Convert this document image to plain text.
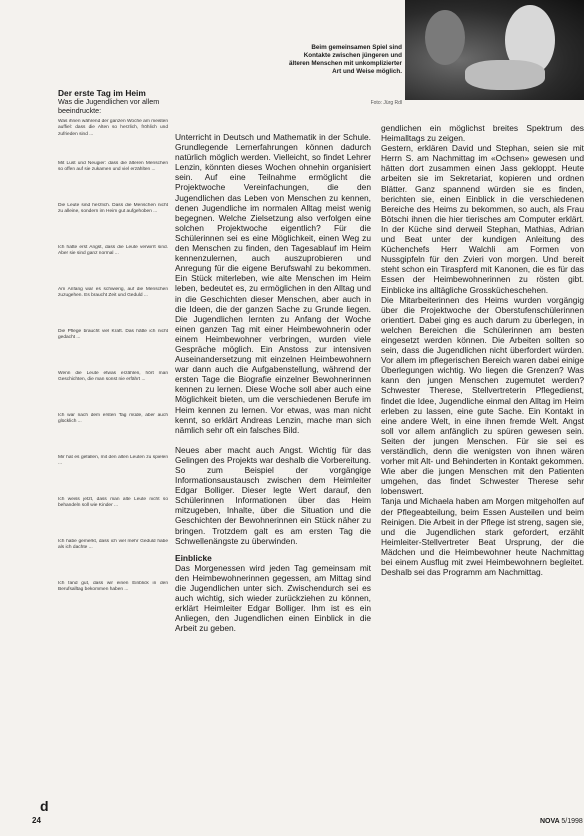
Beim gemeinsamen Spiel sind Kontakte zwischen jüngeren und älteren Menschen mit unkomplizierter Art und Weise möglich.
Foto: Jürg Rdl
Der erste Tag im Heim

Was die Jugendlichen vor allem beeindruckte:

Was ihnen während der ganzen Woche am meisten auffiel: dass die Alten so herzlich, fröhlich und zufrieden sind ...

Mit Lust und Neugier: dass die älteren Menschen so offen auf sie zukamen und viel erzählten ...

Die Leute sind herzlich. Dass die Menschen nicht zu alleine, sondern im Heim gut aufgehoben ...

Ich hatte erst Angst, dass die Leute verwirrt sind. Aber sie sind ganz normal ...

Am Anfang war es schwierig, auf die Menschen zuzugehen. Es braucht Zeit und Geduld ...

Die Pflege braucht viel Kraft. Das hätte ich nicht gedacht ...

Wenn die Leute etwas erzählen, hört man Geschichten, die man sonst nie erfährt ...

Ich war nach dem ersten Tag müde, aber auch glücklich ...

Mir hat es gefallen, mit den alten Leuten zu spielen ...

Ich weiss jetzt, dass man alte Leute nicht so behandeln soll wie Kinder ...

Ich habe gemerkt, dass ich viel mehr Geduld habe als ich dachte ...

Ich fand gut, dass wir einen Einblick in den Berufsalltag bekommen haben ...

Unterricht in Deutsch und Mathematik in der Schule. Grundlegende Lernerfahrungen können dadurch natürlich möglich werden. Vielleicht, so findet Lehrer Lenzin, könnten dieses Wochen ohnehin organisiert sein. Auf eine Teilnahme ermöglicht die Projektwoche Vereinfachungen, die den Jugendlichen das Leben von Menschen zu kennen, denen Jugendliche im normalen Alltag meist wenig begegnen. Welche Zielsetzung also verfolgen eine solchen Projektwoche eigentlich? Für die Schülerinnen sei es eine Möglichkeit, einen Weg zu den Menschen zu finden, den Tagesablauf im Heim kennenzulernen, auch auszuprobieren und Anregung für die eigene Berufswahl zu bekommen. Ein Stück miterleben, wie alte Menschen im Heim leben, bedeutet es, zu ermöglichen in den Alltag und in die Geschichten dieser Menschen, aber auch in die Ideen, die der ganzen Sache zu Grunde liegen. Die Jugendlichen lernten zu Anfang der Woche einen ganzen Tag mit einer Heimbewohnerin oder einem Heimbewohner verbringen, wurden viele Gespräche möglich. Ein Anstoss zur intensiven Auseinandersetzung mit einzelnen Heimbewohnern war dann auch die Aufgabenstellung, während der ersten Tage die Biografie einzelner Bewohnerinnen kennen zu lernen. Diese Woche soll aber auch eine Möglichkeit bieten, um die verschiedenen Berufe im Heim kennen zu lernen. Vor etwas, was man nicht kennt, so erklärt Andreas Lenzin, mache man sich nämlich sehr oft ein falsches Bild.

Neues aber macht auch Angst. Wichtig für das Gelingen des Projekts war deshalb die Vorbereitung. So zum Beispiel der vorgängige Informationsaustausch zwischen dem Heimleiter Edgar Bolliger. Dieser legte Wert darauf, den Schülerinnen Informationen über das Heim mitzugeben, Inhalte, über die Situation und die Geschichten der Bewohnerinnen ein Stück näher zu bringen. Trotzdem galt es am ersten Tag die Schwellenängste zu überwinden.

Einblicke

Das Morgenessen wird jeden Tag gemeinsam mit den Heimbewohnerinnen gegessen, am Mittag sind die Jugendlichen unter sich. Zwischendurch sei es auch wichtig, sich wieder zurückziehen zu können, erklärt Heimleiter Edgar Bolliger. Ihm ist es ein Anliegen, den Jugendlichen einen Einblick in die Arbeit zu geben.

gendlichen ein möglichst breites Spektrum des Heimalltags zu zeigen.

Gestern, erklären David und Stephan, seien sie mit Herrn S. am Nachmittag im «Ochsen» gewesen und hätten dort zusammen einen Jass gekloppt. Heute arbeiten sie im Sekretariat, kopieren und ordnen Blätter. Ganz spannend würden sie es finden, berichten sie, einen Einblick in die verschiedenen Bereiche des Heims zu bekommen, so auch, als Frau Bötschi ihnen die hier tierisches am Computer erklärt. In der Küche sind derweil Stephan, Mathias, Adrian und Beat unter der kundigen Anleitung des Küchenchefs Herr Walchli am Formen von Nussgipfeln für den Zvieri von morgen. Und bereit steht schon ein Tiraspferd mit Kanonen, die es für das Essen der Heimbewohnerinnen zu rösten gibt. Einblicke ins alltägliche Grosskücheschehen.

Die Mitarbeiterinnen des Heims wurden vorgängig über die Projektwoche der Oberstufenschülerinnen orientiert. Dabei ging es auch darum zu überlegen, in welchen Bereichen die Schülerinnen am besten eingesetzt werden können. Die Arbeiten sollten so sein, dass die Jugendlichen nicht überfordert würden. Vor allem im pflegerischen Bereich waren dabei einige Überlegungen wichtig. Wo liegen die Grenzen? Was kann den jungen Menschen zugemutet werden? Schwester Therese, Stellvertreterin Pflegedienst, findet die Idee, Jugendliche einmal den Alltag im Heim erleben zu lassen, eine gute Sache. Ein Kontakt in eine andere Welt, in eine ihnen fremde Welt. Angst soll vor allem anfänglich zu spüren gewesen sein. Seiten der jungen Menschen. Für sie sei es verständlich, denn die wenigsten von ihnen wären vorher mit Alt- und Behinderten in Kontakt gekommen. Wie aber die jungen Menschen mit den Patienten umgehen, das findet Schwester Therese sehr lobenswert.

Tanja und Michaela haben am Morgen mitgeholfen auf der Pflegeabteilung, beim Essen Austeilen und beim Reinigen. Die Arbeit in der Pflege ist streng, sagen sie, und die Jugendlichen stark gefordert, erzählt Heimleiter-Stellvertreter Beat Ursprung, der die Mädchen und die Heimbewohner heute Nachmittag bei einem Ausflug mit zwei Heimbewohnern begleitet. Deshalb sei das Programm am Nachmittag.

d
24	NOVA 5/1998
